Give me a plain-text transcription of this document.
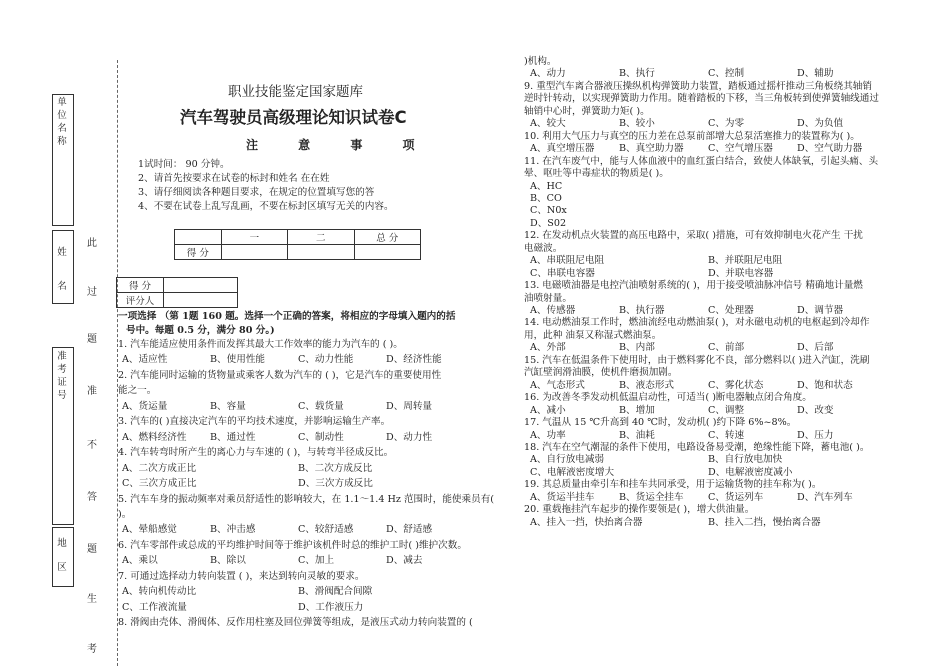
单位名称
姓名
准考证号
地区
此
过
题
准
不
答
题
生
考
职业技能鉴定国家题库
汽车驾驶员高级理论知识试卷C
注 意 事 项
1试时间： 90 分钟。
2、请首先按要求在试卷的标封和姓名 在在姓
3、请仔细阅读各种题目要求，在规定的位置填写您的答
4、不要在试卷上乱写乱画，不要在标封区填写无关的内容。
	一	二	总 分
得 分			
得 分	
评分人	
一项选择 （第 1题 160 题。选择一个正确的答案，将相应的字母填入题内的括
号中。每题 0.5 分，满分 80 分。)
1. 汽车能适应使用条件而发挥其最大工作效率的能力为汽车的 ( )。
A、适应性	B、使用性能	C、动力性能	D、经济性能
2. 汽车能同时运输的货物量或乘客人数为汽车的 ( )，它是汽车的重要使用性
能之一。
A、货运量	B、容量	C、载货量	D、周转量
3. 汽车的( )直接决定汽车的平均技术速度，并影响运输生产率。
A、燃料经济性 B、通过性	C、制动性	D、动力性
4. 汽车转弯时所产生的离心力与车速的 ( )，与转弯半径成反比。
A、二次方成正比	B、二次方成反比
C、三次方成正比	D、三次方成反比
5. 汽车车身的振动频率对乘员舒适性的影响较大，在 1.1～1.4 Hz 范围时，能使乘员有(
)。
A、晕船感觉	B、冲击感	C、较舒适感	D、舒适感
6. 汽车零部件或总成的平均维护时间等于维护该机件时总的维护工时( )维护次数。
A、乘以	B、除以	C、加上	D、减去
7. 可通过选择动力转向装置 ( )，来达到转向灵敏的要求。
A、转向机传动比	B、滑阀配合间隙
C、工作液流量	D、工作液压力
8. 滑阀由壳体、滑阀体、反作用柱塞及回位弹簧等组成，是液压式动力转向装置的 (
)机构。
A、动力	B、执行	C、控制	D、辅助
9. 重型汽车离合器液压操纵机构弹簧助力装置，踏板通过摇杆推动三角板绕其轴销
逆时针转动，以实现弹簧助力作用。随着踏板的下移，当三角板转到使弹簧轴线通过
轴销中心时，弹簧助力矩( )。
A、较大	B、较小	C、为零	D、为负值
10. 利用大气压力与真空的压力差在总泵前部增大总泵活塞推力的装置称为( )。
A、真空增压器	B、真空助力器	C、空气增压器	D、空气助力器
11. 在汽车废气中，能与人体血液中的血红蛋白结合，致使人体缺氧，引起头痛、头
晕、呕吐等中毒症状的物质是( )。
A、HC
B、CO
C、N0x
D、S02
12. 在发动机点火装置的高压电路中，采取( )措施，可有效抑制电火花产生 干扰
电磁波。
A、串联阻尼电阻	B、并联阻尼电阻
C、串联电容器	D、并联电容器
13. 电磁喷油器是电控汽油喷射系统的( )，用于接受喷油脉冲信号 精确地计量燃
油喷射量。
A、传感器	B、执行器	C、处理器	D、调节器
14. 电动燃油泵工作时，燃油流经电动燃油泵( )，对永磁电动机的电枢起到冷却作
用，此种 油泵又称湿式燃油泵。
A、外部	B、内部	C、前部	D、后部
15. 汽车在低温条件下使用时，由于燃料雾化不良，部分燃料以( )进入汽缸，洗刷
汽缸壁润滑油膜，使机件磨损加剧。
A、气态形式	B、液态形式	C、雾化状态	D、饱和状态
16. 为改善冬季发动机低温启动性，可适当( )断电器触点闭合角度。
A、减小	B、增加	C、调整	D、改变
17. 气温从 15 ℃升高到 40 ℃时，发动机( )约下降 6%~8%。
A、功率	B、油耗	C、转速	D、压力
18. 汽车在空气潮湿的条件下使用，电路设备易受潮，绝缘性能下降，蓄电池( )。
A、自行放电减弱	B、自行放电加快
C、电解液密度增大	D、电解液密度减小
19. 其总质量由牵引车和挂车共同承受，用于运输货物的挂车称为( )。
A、货运半挂车	B、货运全挂车	C、货运列车	D、汽车列车
20. 重载拖挂汽车起步的操作要领是( )，增大供油量。
A、挂入一挡，快抬离合器	B、挂入二挡，慢抬离合器
